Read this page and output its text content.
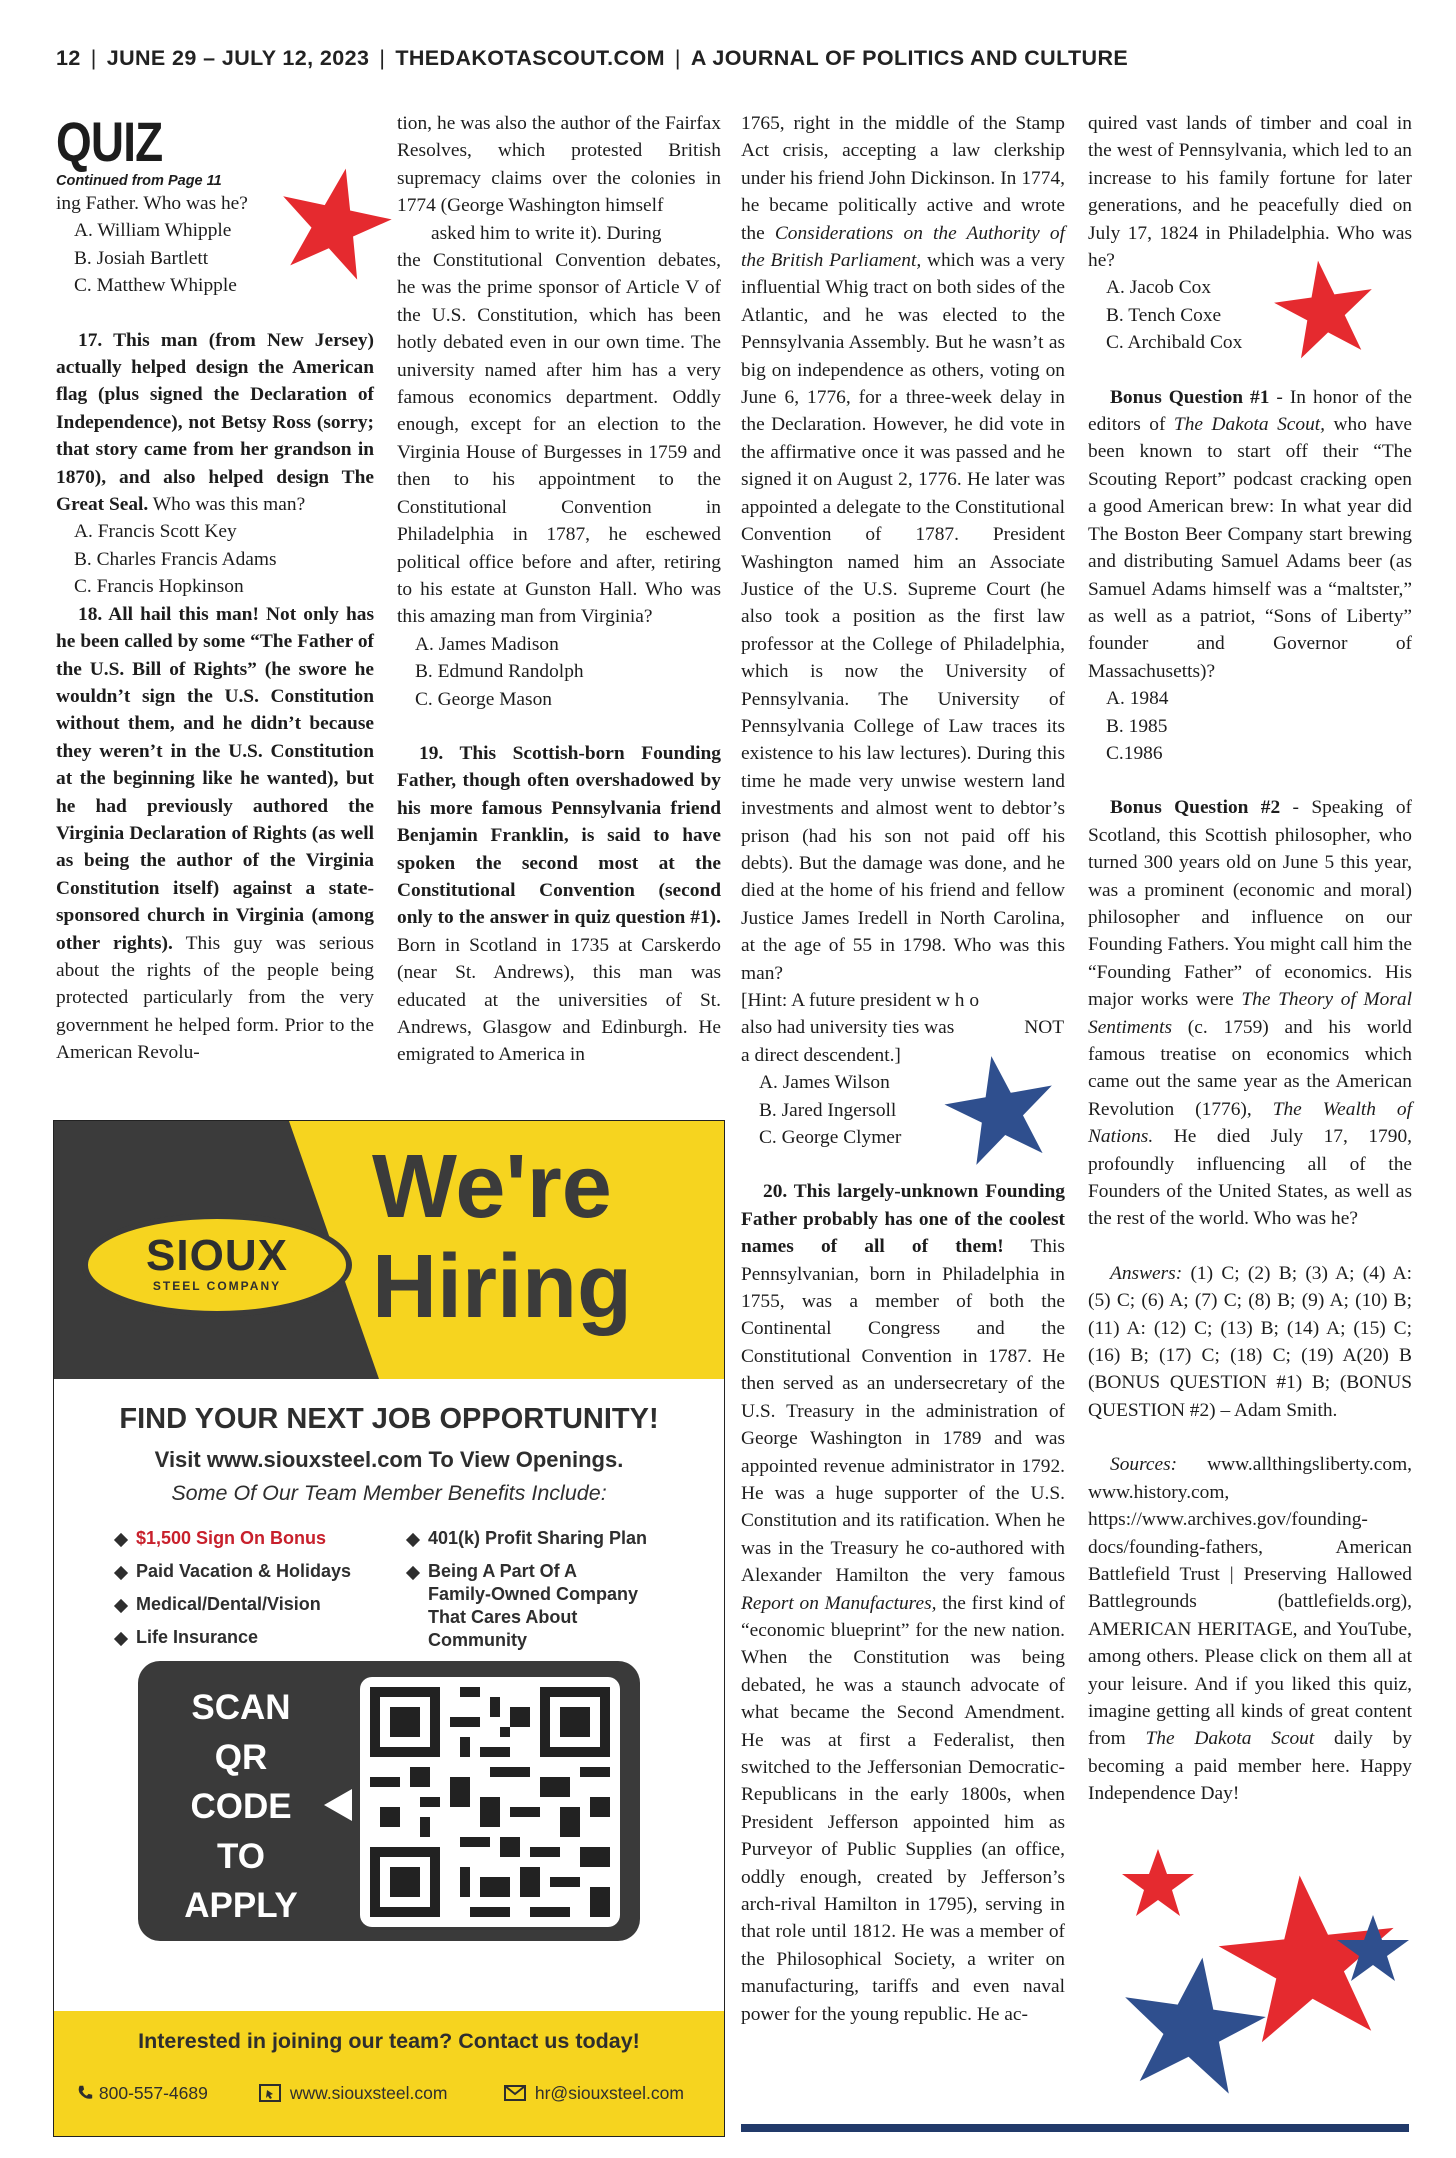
12 | JUNE 29 – JULY 12, 2023 | THEDAKOTASCOUT.COM | A JOURNAL OF POLITICS AND CULTURE
QUIZ
Continued from Page 11

ing Father. Who was he?

A. William Whipple

B. Josiah Bartlett

C. Matthew Whipple

17. This man (from New Jersey) actually helped design the American flag (plus signed the Declaration of Independence), not Betsy Ross (sorry; that story came from her grandson in 1870), and also helped design The Great Seal. Who was this man?

A. Francis Scott Key

B. Charles Francis Adams

C. Francis Hopkinson

18. All hail this man! Not only has he been called by some “The Father of the U.S. Bill of Rights” (he swore he wouldn’t sign the U.S. Constitution without them, and he didn’t because they weren’t in the U.S. Constitution at the beginning like he wanted), but he had previously authored the Virginia Declaration of Rights (as well as being the author of the Virginia Constitution itself) against a state-sponsored church in Virginia (among other rights). This guy was serious about the rights of the people being protected particularly from the very government he helped form. Prior to the American Revolu-

tion, he was also the author of the Fairfax Resolves, which protested British supremacy claims over the colonies in 1774 (George Washington himself

asked him to write it). During

the Constitutional Convention debates, he was the prime sponsor of Article V of the U.S. Constitution, which has been hotly debated even in our own time. The university named after him has a very famous economics department. Oddly enough, except for an election to the Virginia House of Burgesses in 1759 and then to his appointment to the Constitutional Convention in Philadelphia in 1787, he eschewed political office before and after, retiring to his estate at Gunston Hall. Who was this amazing man from Virginia?

A. James Madison

B. Edmund Randolph

C. George Mason

19. This Scottish-born Founding Father, though often overshadowed by his more famous Pennsylvania friend Benjamin Franklin, is said to have spoken the second most at the Constitutional Convention (second only to the answer in quiz question #1). Born in Scotland in 1735 at Carskerdo (near St. Andrews), this man was educated at the universities of St. Andrews, Glasgow and Edinburgh. He emigrated to America in

1765, right in the middle of the Stamp Act crisis, accepting a law clerkship under his friend John Dickinson. In 1774, he became politically active and wrote the Considerations on the Authority of the British Parliament, which was a very influential Whig tract on both sides of the Atlantic, and he was elected to the Pennsylvania Assembly. But he wasn’t as big on independence as others, voting on June 6, 1776, for a three-week delay in the Declaration. However, he did vote in the affirmative once it was passed and he signed it on August 2, 1776. He later was appointed a delegate to the Constitutional Convention of 1787. President Washington named him an Associate Justice of the U.S. Supreme Court (he also took a position as the first law professor at the College of Philadelphia, which is now the University of Pennsylvania. The University of Pennsylvania College of Law traces its existence to his law lectures). During this time he made very unwise western land investments and almost went to debtor’s prison (had his son not paid off his debts). But the damage was done, and he died at the home of his friend and fellow Justice James Iredell in North Carolina, at the age of 55 in 1798. Who was this man?

[Hint: A future president w h o

also had university ties was	NOT

a direct descendent.]

A. James Wilson

B. Jared Ingersoll

C. George Clymer

20. This largely-unknown Founding Father probably has one of the coolest names of all of them! This Pennsylvanian, born in Philadelphia in 1755, was a member of both the Continental Congress and the Constitutional Convention in 1787. He then served as an undersecretary of the U.S. Treasury in the administration of George Washington in 1789 and was appointed revenue administrator in 1792. He was a huge supporter of the U.S. Constitution and its ratification. When he was in the Treasury he co-authored with Alexander Hamilton the very famous Report on Manufactures, the first kind of “economic blueprint” for the new nation. When the Constitution was being debated, he was a staunch advocate of what became the Second Amendment. He was at first a Federalist, then switched to the Jeffersonian Democratic-Republicans in the early 1800s, when President Jefferson appointed him as Purveyor of Public Supplies (an office, oddly enough, created by Jefferson’s arch-rival Hamilton in 1795), serving in that role until 1812. He was a member of the Philosophical Society, a writer on manufacturing, tariffs and even naval power for the young republic. He ac-

quired vast lands of timber and coal in the west of Pennsylvania, which led to an increase to his family fortune for later generations, and he peacefully died on July 17, 1824 in Philadelphia. Who was he?

A. Jacob Cox

B. Tench Coxe

C. Archibald Cox

Bonus Question #1 - In honor of the editors of The Dakota Scout, who have been known to start off their “The Scouting Report” podcast cracking open a good American brew: In what year did The Boston Beer Company start brewing and distributing Samuel Adams beer (as Samuel Adams himself was a “maltster,” as well as a patriot, “Sons of Liberty” founder and Governor of Massachusetts)?

A. 1984

B. 1985

C.1986

Bonus Question #2 - Speaking of Scotland, this Scottish philosopher, who turned 300 years old on June 5 this year, was a prominent (economic and moral) philosopher and influence on our Founding Fathers. You might call him the “Founding Father” of economics. His major works were The Theory of Moral Sentiments (c. 1759) and his world famous treatise on economics which came out the same year as the American Revolution (1776), The Wealth of Nations. He died July 17, 1790, profoundly influencing all of the Founders of the United States, as well as the rest of the world. Who was he?

Answers: (1) C; (2) B; (3) A; (4) A: (5) C; (6) A; (7) C; (8) B; (9) A; (10) B; (11) A: (12) C; (13) B; (14) A; (15) C; (16) B; (17) C; (18) C; (19) A(20) B (BONUS QUESTION #1) B; (BONUS QUESTION #2) – Adam Smith.

Sources: www.allthingsliberty.com, www.history.com, https://www.archives.gov/founding-docs/founding-fathers, American Battlefield Trust | Preserving Hallowed Battlegrounds (battlefields.org), AMERICAN HERITAGE, and YouTube, among others. Please click on them all at your leisure. And if you liked this quiz, imagine getting all kinds of great content from The Dakota Scout daily by becoming a paid member here. Happy Independence Day!

SIOUX
STEEL COMPANY
We're
Hiring
FIND YOUR NEXT JOB OPPORTUNITY!
Visit www.siouxsteel.com To View Openings.
Some Of Our Team Member Benefits Include:
$1,500 Sign On Bonus
Paid Vacation & Holidays
Medical/Dental/Vision
Life Insurance
401(k) Profit Sharing Plan
Being A Part Of A
Family-Owned Company
That Cares About
Community
SCAN
QR
CODE
TO
APPLY
Interested in joining our team? Contact us today!
800-557-4689	www.siouxsteel.com	hr@siouxsteel.com
